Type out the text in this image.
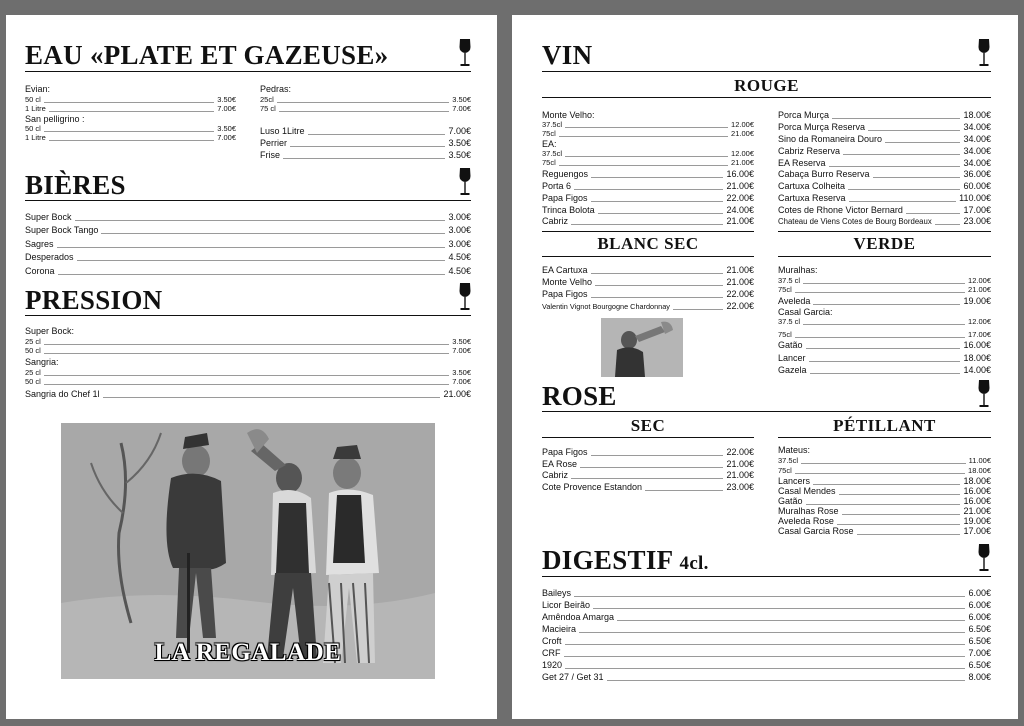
EAU «PLATE ET GAZEUSE»
Evian:
50 cl	3.50€
1 Litre	7.00€
San pelligrino :
50 cl	3.50€
1 Litre	7.00€
Pedras:
25cl	3.50€
75 cl	7.00€
Luso 1Litre	7.00€
Perrier	3.50€
Frise	3.50€
BIÈRES
Super Bock	3.00€
Super Bock Tango	3.00€
Sagres	3.00€
Desperados	4.50€
Corona	4.50€
PRESSION
Super Bock:
25 cl	3.50€
50 cl	7.00€
Sangria:
25 cl	3.50€
50 cl	7.00€
Sangria do Chef 1l	21.00€
LA REGALADE
VIN
ROUGE
Monte Velho:
37.5cl	12.00€
75cl	21.00€
EA:
37.5cl	12.00€
75cl	21.00€
Reguengos	16.00€
Porta 6	21.00€
Papa Figos	22.00€
Trinca Bolota	24.00€
Cabriz	21.00€
Porca Murça	18.00€
Porca Murça Reserva	34.00€
Sino da Romaneira Douro	34.00€
Cabriz Reserva	34.00€
EA Reserva	34.00€
Cabaça Burro Reserva	36.00€
Cartuxa Colheita	60.00€
Cartuxa Reserva	110.00€
Cotes de Rhone Victor Bernard	17.00€
Chateau de Viens Cotes de Bourg Bordeaux	23.00€
BLANC SEC
EA Cartuxa	21.00€
Monte Velho	21.00€
Papa Figos	22.00€
Valentin Vignot Bourgogne Chardonnay	22.00€
VERDE
Muralhas:
37.5 cl	12.00€
75cl	21.00€
Aveleda	19.00€
Casal Garcia:
37.5 cl	12.00€
75cl	17.00€
Gatão	16.00€
Lancer	18.00€
Gazela	14.00€
ROSE
SEC
Papa Figos	22.00€
EA Rose	21.00€
Cabriz	21.00€
Cote Provence Estandon	23.00€
PÉTILLANT
Mateus:
37.5cl	11.00€
75cl	18.00€
Lancers	18.00€
Casal Mendes	16.00€
Gatão	16.00€
Muralhas Rose	21.00€
Aveleda Rose	19.00€
Casal Garcia Rose	17.00€
DIGESTIF 4cl.
Baileys	6.00€
Licor Beirão	6.00€
Amêndoa Amarga	6.00€
Macieira	6.50€
Croft	6.50€
CRF	7.00€
1920	6.50€
Get 27 / Get 31	8.00€
